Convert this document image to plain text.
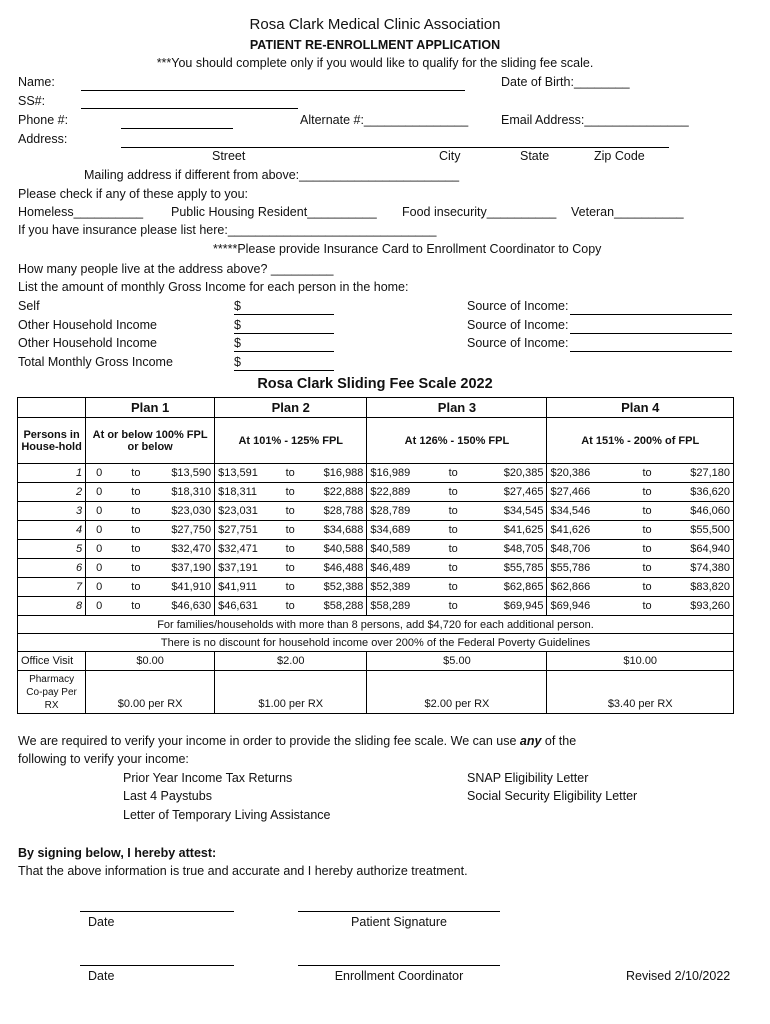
Rosa Clark Medical Clinic Association
PATIENT RE-ENROLLMENT APPLICATION
***You should complete only if you would like to qualify for the sliding fee scale.
Name:	Date of Birth:________
SS#:
Phone #:	Alternate #:_______________	Email Address:_______________
Address:
Street	City	State	Zip Code
Mailing address if different from above:_______________________
Please check if any of these apply to you:
Homeless__________ Public Housing Resident__________ Food insecurity__________ Veteran__________
If you have insurance please list here:______________________________
*****Please provide Insurance Card to Enrollment Coordinator to Copy
How many people live at the address above? _________
List the amount of monthly Gross Income for each person in the home:
Self	$	Source of Income:
Other Household Income	$	Source of Income:
Other Household Income	$	Source of Income:
Total Monthly Gross Income	$
Rosa Clark Sliding Fee Scale 2022
	Plan 1			Plan 2			Plan 3			Plan 4		
Persons in House-hold	At or below 100% FPL or below			At 101% - 125% FPL			At 126% - 150% FPL			At 151% - 200% of FPL		
1	0	to	$13,590	$13,591	to	$16,988	$16,989	to	$20,385	$20,386	to	$27,180
2	0	to	$18,310	$18,311	to	$22,888	$22,889	to	$27,465	$27,466	to	$36,620
3	0	to	$23,030	$23,031	to	$28,788	$28,789	to	$34,545	$34,546	to	$46,060
4	0	to	$27,750	$27,751	to	$34,688	$34,689	to	$41,625	$41,626	to	$55,500
5	0	to	$32,470	$32,471	to	$40,588	$40,589	to	$48,705	$48,706	to	$64,940
6	0	to	$37,190	$37,191	to	$46,488	$46,489	to	$55,785	$55,786	to	$74,380
7	0	to	$41,910	$41,911	to	$52,388	$52,389	to	$62,865	$62,866	to	$83,820
8	0	to	$46,630	$46,631	to	$58,288	$58,289	to	$69,945	$69,946	to	$93,260
For families/households with more than 8 persons, add $4,720 for each additional person.												
There is no discount for household income over 200% of the Federal Poverty Guidelines												
Office Visit	$0.00			$2.00			$5.00			$10.00		
Pharmacy Co-pay Per RX	$0.00 per RX			$1.00 per RX			$2.00 per RX			$3.40 per RX		
We are required to verify your income in order to provide the sliding fee scale. We can use any of the
following to verify your income:
Prior Year Income Tax Returns
Last 4 Paystubs
Letter of Temporary Living Assistance
SNAP Eligibility Letter
Social Security Eligibility Letter
By signing below, I hereby attest:
That the above information is true and accurate and I hereby authorize treatment.
Date	Patient Signature
Date	Enrollment Coordinator	Revised 2/10/2022
